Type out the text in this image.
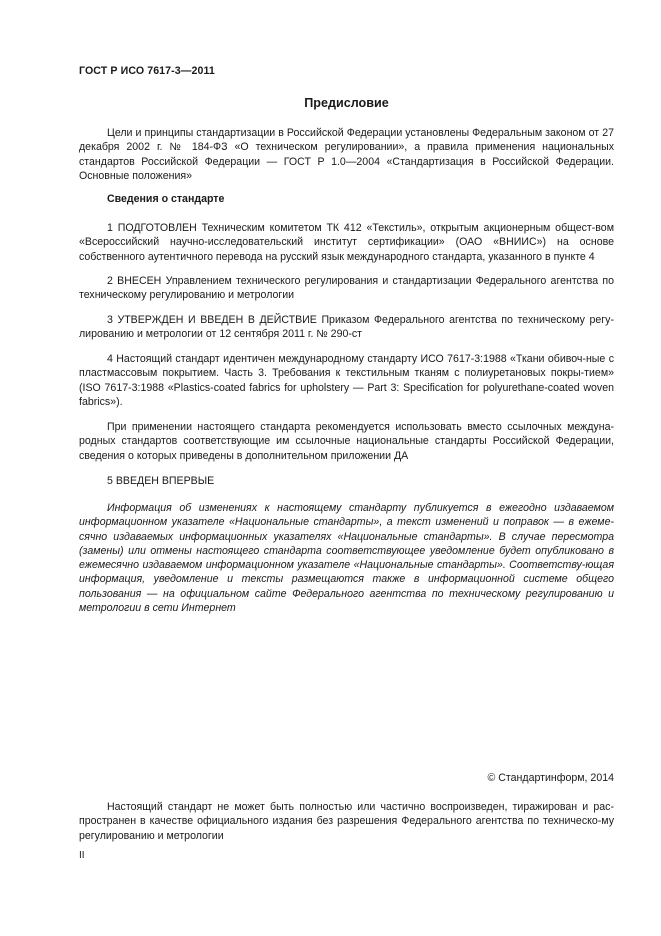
ГОСТ Р ИСО 7617-3—2011
Предисловие
Цели и принципы стандартизации в Российской Федерации установлены Федеральным законом от 27 декабря 2002 г. № 184-ФЗ «О техническом регулировании», а правила применения национальных стандартов Российской Федерации — ГОСТ Р 1.0—2004 «Стандартизация в Российской Федерации. Основные положения»
Сведения о стандарте
1 ПОДГОТОВЛЕН Техническим комитетом ТК 412 «Текстиль», открытым акционерным общест-вом «Всероссийский научно-исследовательский институт сертификации» (ОАО «ВНИИС») на основе собственного аутентичного перевода на русский язык международного стандарта, указанного в пункте 4
2 ВНЕСЕН Управлением технического регулирования и стандартизации Федерального агентства по техническому регулированию и метрологии
3 УТВЕРЖДЕН И ВВЕДЕН В ДЕЙСТВИЕ Приказом Федерального агентства по техническому регу-лированию и метрологии от 12 сентября 2011 г. № 290-ст
4 Настоящий стандарт идентичен международному стандарту ИСО 7617-3:1988 «Ткани обивоч-ные с пластмассовым покрытием. Часть 3. Требования к текстильным тканям с полиуретановых покры-тием» (ISO 7617-3:1988 «Plastics-coated fabrics for upholstery — Part 3: Specification for polyurethane-coated woven fabrics»).
При применении настоящего стандарта рекомендуется использовать вместо ссылочных междуна-родных стандартов соответствующие им ссылочные национальные стандарты Российской Федерации, сведения о которых приведены в дополнительном приложении ДА
5 ВВЕДЕН ВПЕРВЫЕ
Информация об изменениях к настоящему стандарту публикуется в ежегодно издаваемом информационном указателе «Национальные стандарты», а текст изменений и поправок — в ежеме-сячно издаваемых информационных указателях «Национальные стандарты». В случае пересмотра (замены) или отмены настоящего стандарта соответствующее уведомление будет опубликовано в ежемесячно издаваемом информационном указателе «Национальные стандарты». Соответству-ющая информация, уведомление и тексты размещаются также в информационной системе общего пользования — на официальном сайте Федерального агентства по техническому регулированию и метрологии в сети Интернет
© Стандартинформ, 2014
Настоящий стандарт не может быть полностью или частично воспроизведен, тиражирован и рас-пространен в качестве официального издания без разрешения Федерального агентства по техническо-му регулированию и метрологии
II
